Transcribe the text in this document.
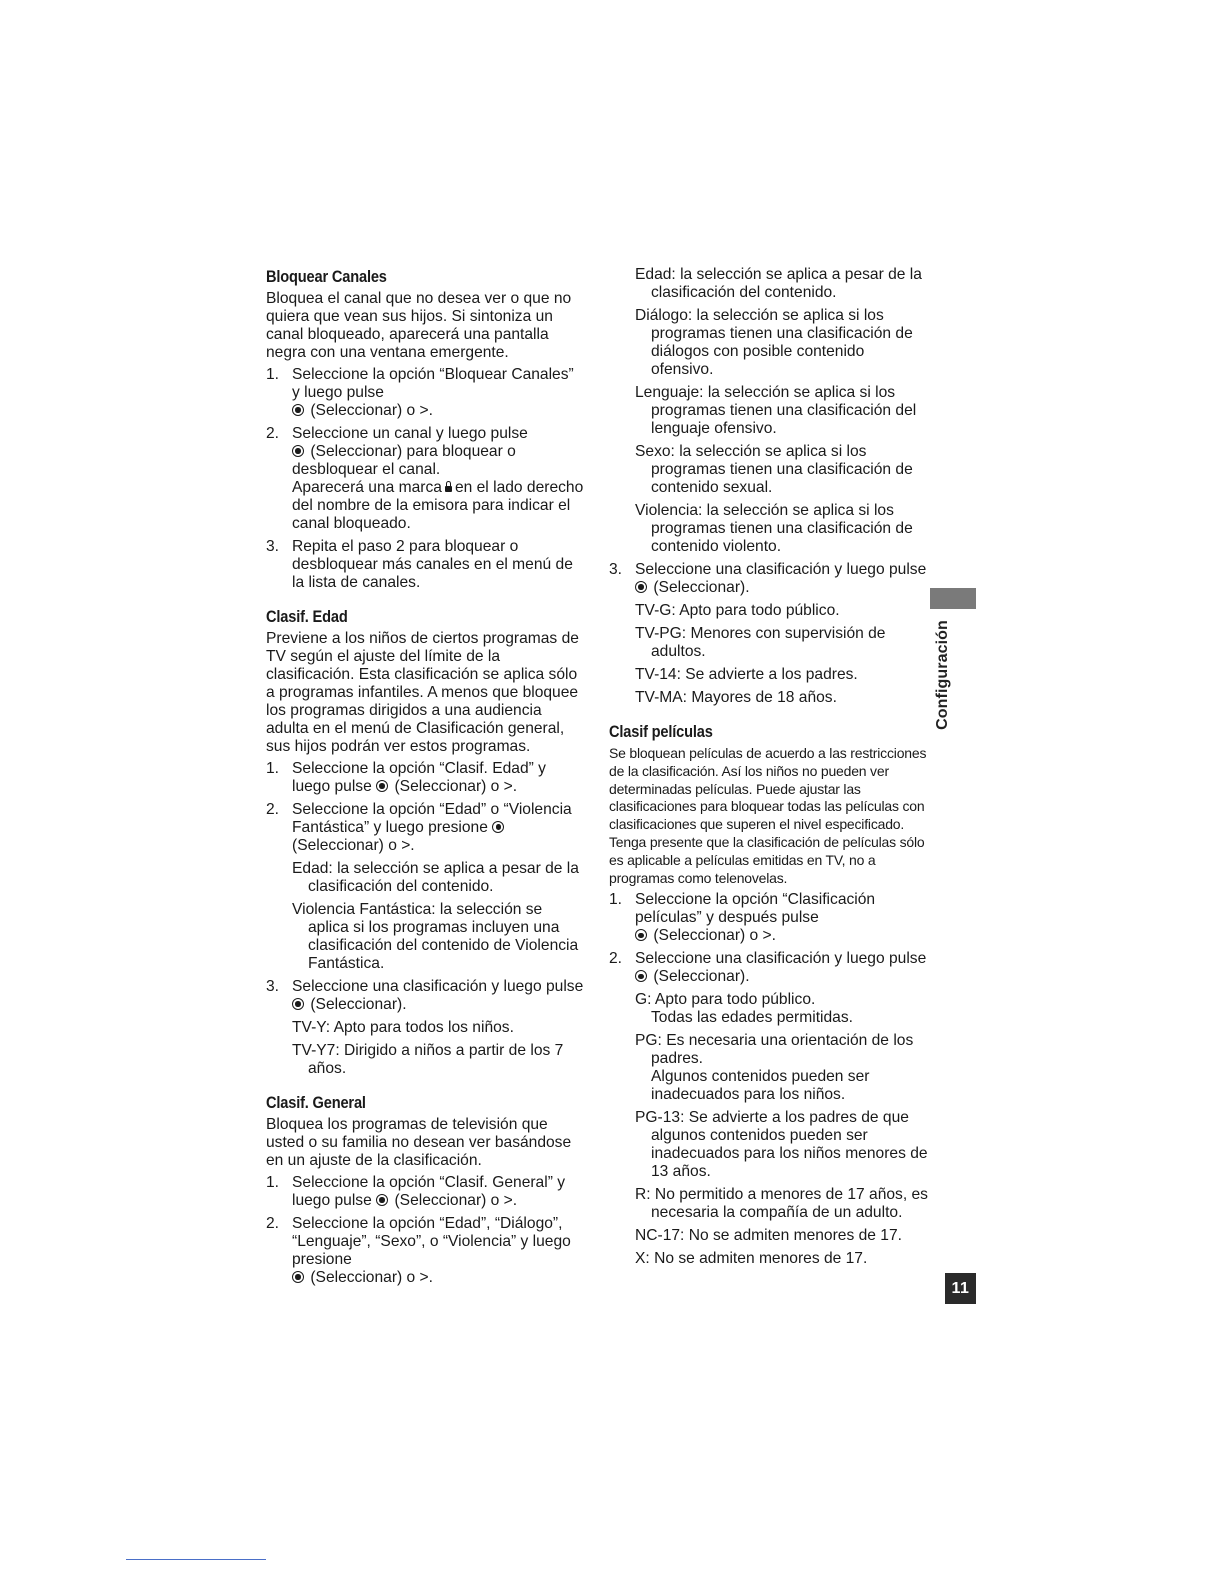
Bloquear Canales

Bloquea el canal que no desea ver o que no quiera que vean sus hijos. Si sintoniza un canal bloqueado, aparecerá una pantalla negra con una ventana emergente.

1. Seleccione la opción “Bloquear Canales” y luego pulse
(Seleccionar) o >.
2. Seleccione un canal y luego pulse
(Seleccionar) para bloquear o desbloquear el canal.
Aparecerá una marca en el lado derecho del nombre de la emisora para indicar el canal bloqueado.
3. Repita el paso 2 para bloquear o desbloquear más canales en el menú de la lista de canales.
Clasif. Edad

Previene a los niños de ciertos programas de TV según el ajuste del límite de la clasificación. Esta clasificación se aplica sólo a programas infantiles. A menos que bloquee los programas dirigidos a una audiencia adulta en el menú de Clasificación general, sus hijos podrán ver estos programas.

1. Seleccione la opción “Clasif. Edad” y luego pulse (Seleccionar) o >.
2. Seleccione la opción “Edad” o “Violencia Fantástica” y luego presione  (Seleccionar) o >.

Edad: la selección se aplica a pesar de la clasificación del contenido.

Violencia Fantástica: la selección se aplica si los programas incluyen una clasificación del contenido de Violencia Fantástica.

3. Seleccione una clasificación y luego pulse  (Seleccionar).

TV-Y: Apto para todos los niños.

TV-Y7: Dirigido a niños a partir de los 7 años.

Clasif. General

Bloquea los programas de televisión que usted o su familia no desean ver basándose en un ajuste de la clasificación.

1. Seleccione la opción “Clasif. General” y luego pulse (Seleccionar) o >.
2. Seleccione la opción “Edad”, “Diálogo”, “Lenguaje”, “Sexo”, o “Violencia” y luego presione
(Seleccionar) o >.

Edad: la selección se aplica a pesar de la clasificación del contenido.

Diálogo: la selección se aplica si los programas tienen una clasificación de diálogos con posible contenido ofensivo.

Lenguaje: la selección se aplica si los programas tienen una clasificación del lenguaje ofensivo.

Sexo: la selección se aplica si los programas tienen una clasificación de contenido sexual.

Violencia: la selección se aplica si los programas tienen una clasificación de contenido violento.

3. Seleccione una clasificación y luego pulse  (Seleccionar).

TV-G: Apto para todo público.

TV-PG: Menores con supervisión de adultos.

TV-14: Se advierte a los padres.

TV-MA: Mayores de 18 años.

Clasif películas

Se bloquean películas de acuerdo a las restricciones de la clasificación. Así los niños no pueden ver determinadas películas. Puede ajustar las clasificaciones para bloquear todas las películas con clasificaciones que superen el nivel especificado. Tenga presente que la clasificación de películas sólo es aplicable a películas emitidas en TV, no a programas como telenovelas.

1. Seleccione la opción “Clasificación películas” y después pulse
(Seleccionar) o >.
2. Seleccione una clasificación y luego pulse  (Seleccionar).

G: Apto para todo público.
Todas las edades permitidas.

PG: Es necesaria una orientación de los padres.
Algunos contenidos pueden ser inadecuados para los niños.

PG-13: Se advierte a los padres de que algunos contenidos pueden ser inadecuados para los niños menores de 13 años.

R: No permitido a menores de 17 años, es necesaria la compañía de un adulto.

NC-17: No se admiten menores de 17.

X: No se admiten menores de 17.

Configuración
11
